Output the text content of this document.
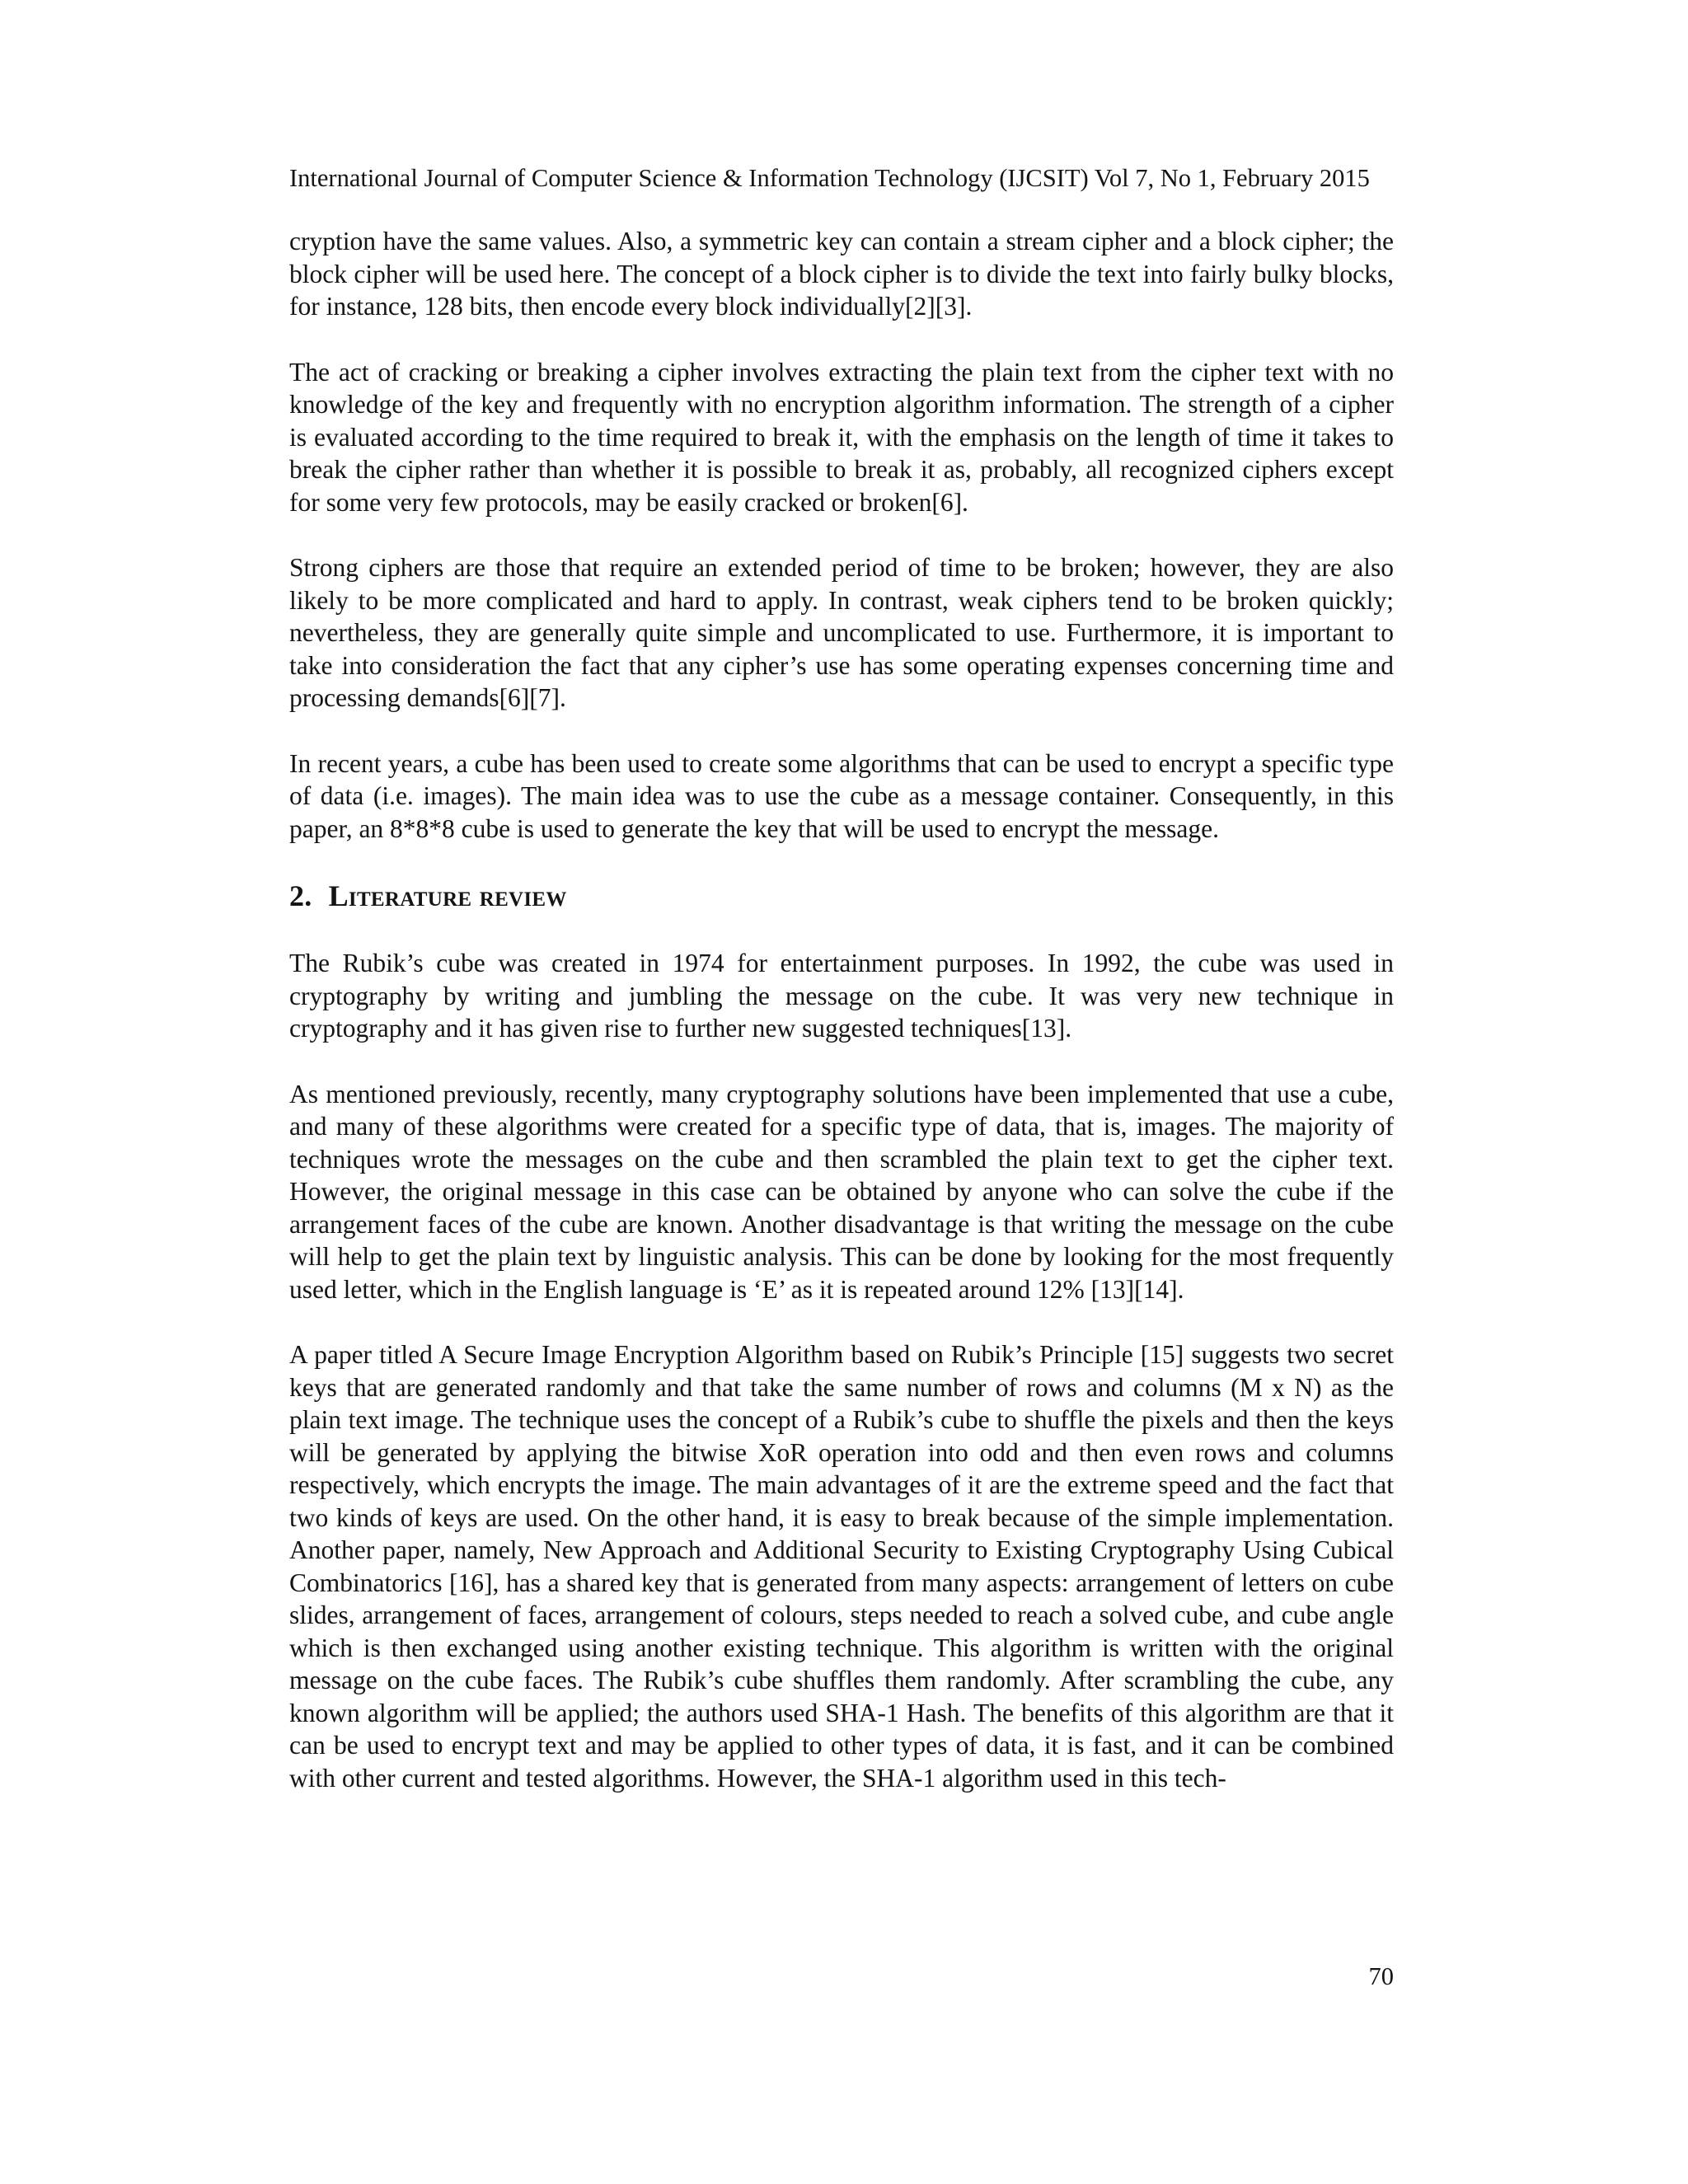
International Journal of Computer Science & Information Technology (IJCSIT) Vol 7, No 1, February 2015

cryption have the same values. Also, a symmetric key can contain a stream cipher and a block cipher; the block cipher will be used here. The concept of a block cipher is to divide the text into fairly bulky blocks, for instance, 128 bits, then encode every block individually[2][3].

The act of cracking or breaking a cipher involves extracting the plain text from the cipher text with no knowledge of the key and frequently with no encryption algorithm information. The strength of a cipher is evaluated according to the time required to break it, with the emphasis on the length of time it takes to break the cipher rather than whether it is possible to break it as, probably, all recognized ciphers except for some very few protocols, may be easily cracked or broken[6].

Strong ciphers are those that require an extended period of time to be broken; however, they are also likely to be more complicated and hard to apply. In contrast, weak ciphers tend to be broken quickly; nevertheless, they are generally quite simple and uncomplicated to use. Furthermore, it is important to take into consideration the fact that any cipher’s use has some operating expenses concerning time and processing demands[6][7].

In recent years, a cube has been used to create some algorithms that can be used to encrypt a specific type of data (i.e. images). The main idea was to use the cube as a message container. Consequently, in this paper, an 8*8*8 cube is used to generate the key that will be used to encrypt the message.

2. Literature review

The Rubik’s cube was created in 1974 for entertainment purposes. In 1992, the cube was used in cryptography by writing and jumbling the message on the cube. It was very new technique in cryptography and it has given rise to further new suggested techniques[13].

As mentioned previously, recently, many cryptography solutions have been implemented that use a cube, and many of these algorithms were created for a specific type of data, that is, images. The majority of techniques wrote the messages on the cube and then scrambled the plain text to get the cipher text. However, the original message in this case can be obtained by anyone who can solve the cube if the arrangement faces of the cube are known. Another disadvantage is that writing the message on the cube will help to get the plain text by linguistic analysis. This can be done by looking for the most frequently used letter, which in the English language is ‘E’ as it is repeated around 12% [13][14].

A paper titled A Secure Image Encryption Algorithm based on Rubik’s Principle [15] suggests two secret keys that are generated randomly and that take the same number of rows and columns (M x N) as the plain text image. The technique uses the concept of a Rubik’s cube to shuffle the pixels and then the keys will be generated by applying the bitwise XoR operation into odd and then even rows and columns respectively, which encrypts the image. The main advantages of it are the extreme speed and the fact that two kinds of keys are used. On the other hand, it is easy to break because of the simple implementation. Another paper, namely, New Approach and Additional Security to Existing Cryptography Using Cubical Combinatorics [16], has a shared key that is generated from many aspects: arrangement of letters on cube slides, arrangement of faces, arrangement of colours, steps needed to reach a solved cube, and cube angle which is then exchanged using another existing technique. This algorithm is written with the original message on the cube faces. The Rubik’s cube shuffles them randomly. After scrambling the cube, any known algorithm will be applied; the authors used SHA-1 Hash. The benefits of this algorithm are that it can be used to encrypt text and may be applied to other types of data, it is fast, and it can be combined with other current and tested algorithms. However, the SHA-1 algorithm used in this tech-

70
